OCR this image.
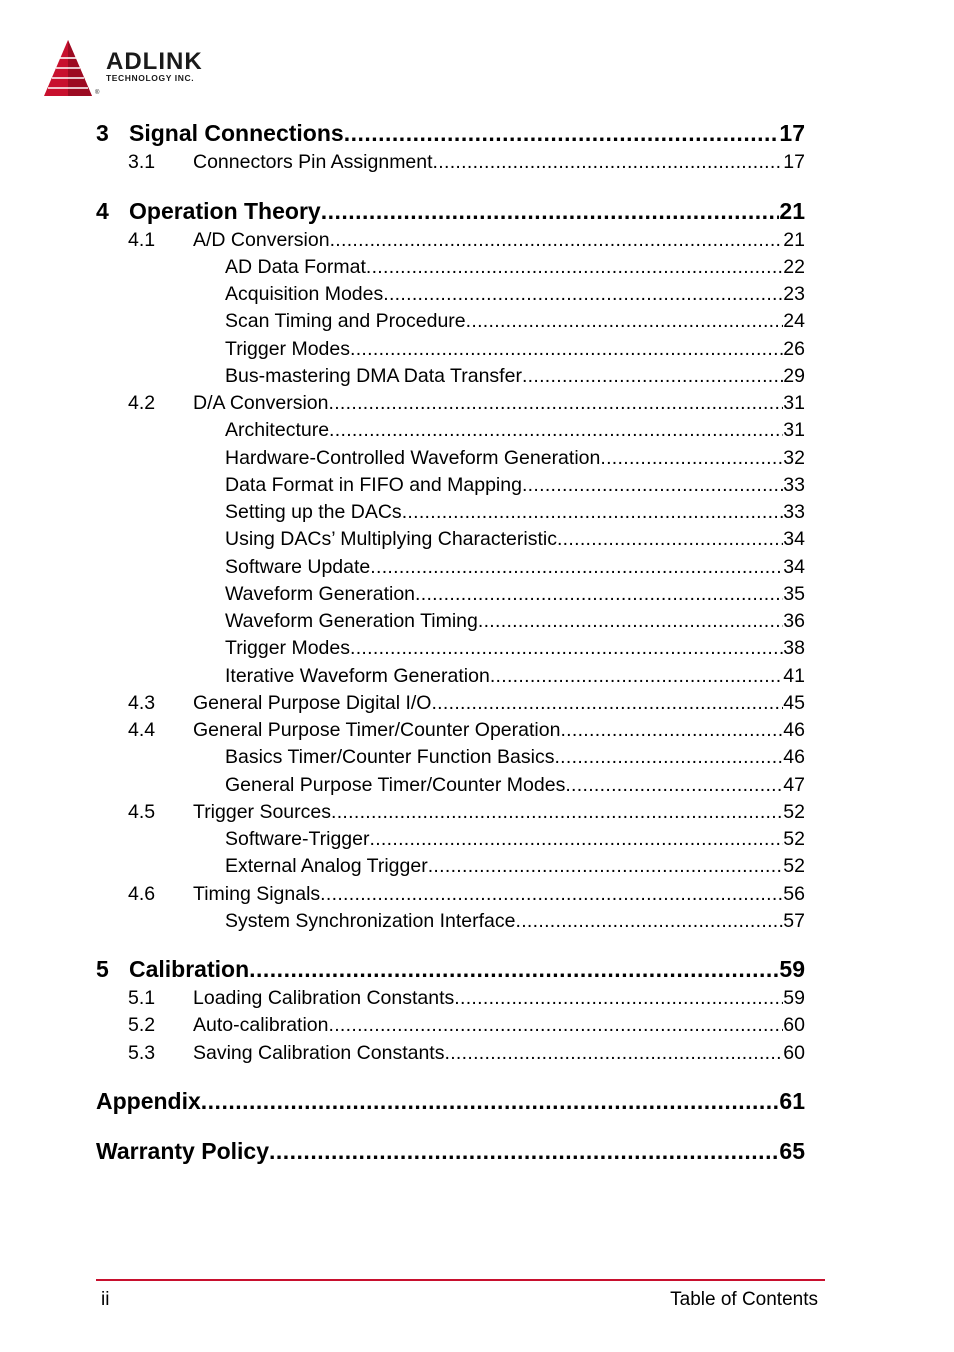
ADLINK
TECHNOLOGY INC.
®
3 Signal Connections .....	17
3.1	Connectors Pin Assignment .....	17
4 Operation Theory .....	21
4.1	A/D Conversion .....	21
AD Data Format .....	22
Acquisition Modes .....	23
Scan Timing and Procedure .....	24
Trigger Modes .....	26
Bus-mastering DMA Data Transfer .....	29
4.2	D/A Conversion .....	31
Architecture .....	31
Hardware-Controlled Waveform Generation .....	32
Data Format in FIFO and Mapping .....	33
Setting up the DACs .....	33
Using DACs’ Multiplying Characteristic .....	34
Software Update .....	34
Waveform Generation .....	35
Waveform Generation Timing .....	36
Trigger Modes .....	38
Iterative Waveform Generation .....	41
4.3	General Purpose Digital I/O .....	45
4.4	General Purpose Timer/Counter Operation .....	46
Basics Timer/Counter Function Basics .....	46
General Purpose Timer/Counter Modes .....	47
4.5	Trigger Sources .....	52
Software-Trigger .....	52
External Analog Trigger .....	52
4.6	Timing Signals .....	56
System Synchronization Interface .....	57
5 Calibration .....	59
5.1	Loading Calibration Constants .....	59
5.2	Auto-calibration .....	60
5.3	Saving Calibration Constants .....	60
Appendix .....	61
Warranty Policy .....	65
ii	Table of Contents
